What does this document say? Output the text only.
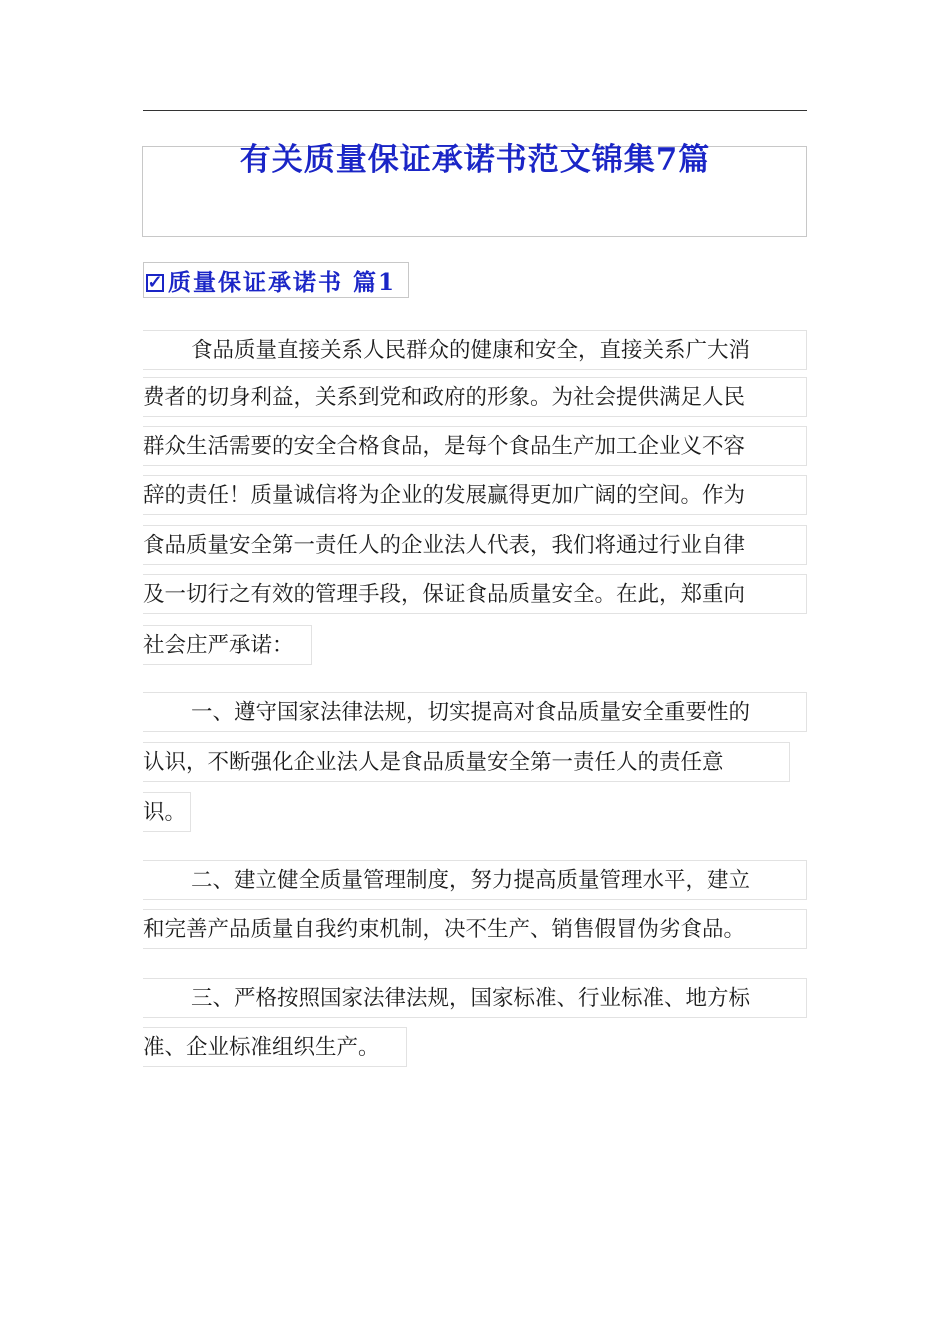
有关质量保证承诺书范文锦集7篇
✓ 质量保证承诺书 篇1
食品质量直接关系人民群众的健康和安全，直接关系广大消
费者的切身利益，关系到党和政府的形象。为社会提供满足人民
群众生活需要的安全合格食品，是每个食品生产加工企业义不容
辞的责任！质量诚信将为企业的发展赢得更加广阔的空间。作为
食品质量安全第一责任人的企业法人代表，我们将通过行业自律
及一切行之有效的管理手段，保证食品质量安全。在此，郑重向
社会庄严承诺：
一、遵守国家法律法规，切实提高对食品质量安全重要性的
认识，不断强化企业法人是食品质量安全第一责任人的责任意
识。
二、建立健全质量管理制度，努力提高质量管理水平，建立
和完善产品质量自我约束机制，决不生产、销售假冒伪劣食品。
三、严格按照国家法律法规，国家标准、行业标准、地方标
准、企业标准组织生产。
